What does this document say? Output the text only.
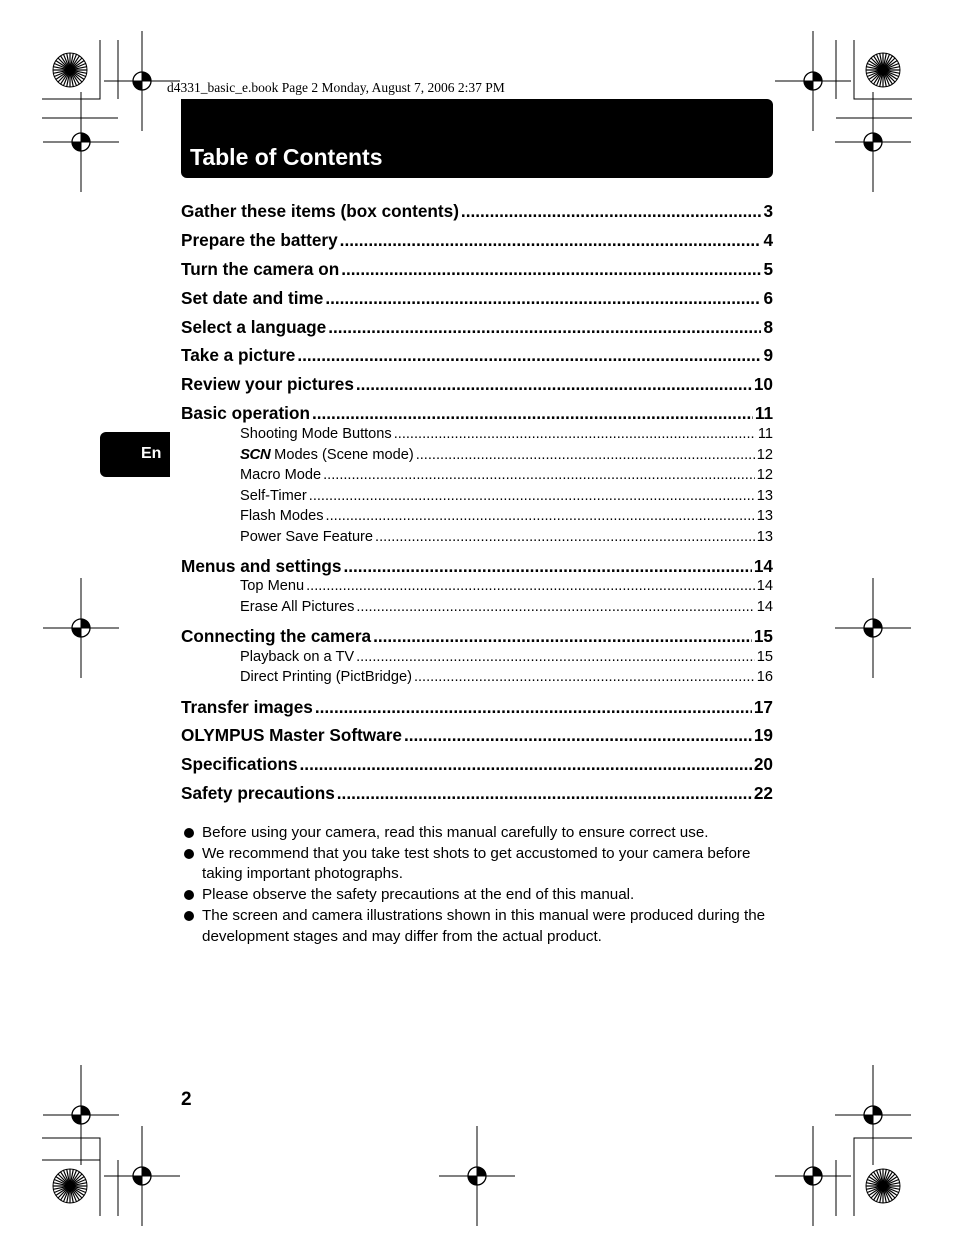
d4331_basic_e.book Page 2 Monday, August 7, 2006 2:37 PM
Table of Contents
En
Gather these items (box contents) .....	3
Prepare the battery .....	4
Turn the camera on .....	5
Set date and time .....	6
Select a language .....	8
Take a picture .....	9
Review your pictures .....	10
Basic operation .....	11
Shooting Mode Buttons .....	11
SCN Modes (Scene mode) .....	12
Macro Mode .....	12
Self-Timer .....	13
Flash Modes .....	13
Power Save Feature .....	13
Menus and settings .....	14
Top Menu .....	14
Erase All Pictures .....	14
Connecting the camera .....	15
Playback on a TV .....	15
Direct Printing (PictBridge) .....	16
Transfer images .....	17
OLYMPUS Master Software .....	19
Specifications .....	20
Safety precautions .....	22
Before using your camera, read this manual carefully to ensure correct use.
We recommend that you take test shots to get accustomed to your camera before taking important photographs.
Please observe the safety precautions at the end of this manual.
The screen and camera illustrations shown in this manual were produced during the development stages and may differ from the actual product.
2
